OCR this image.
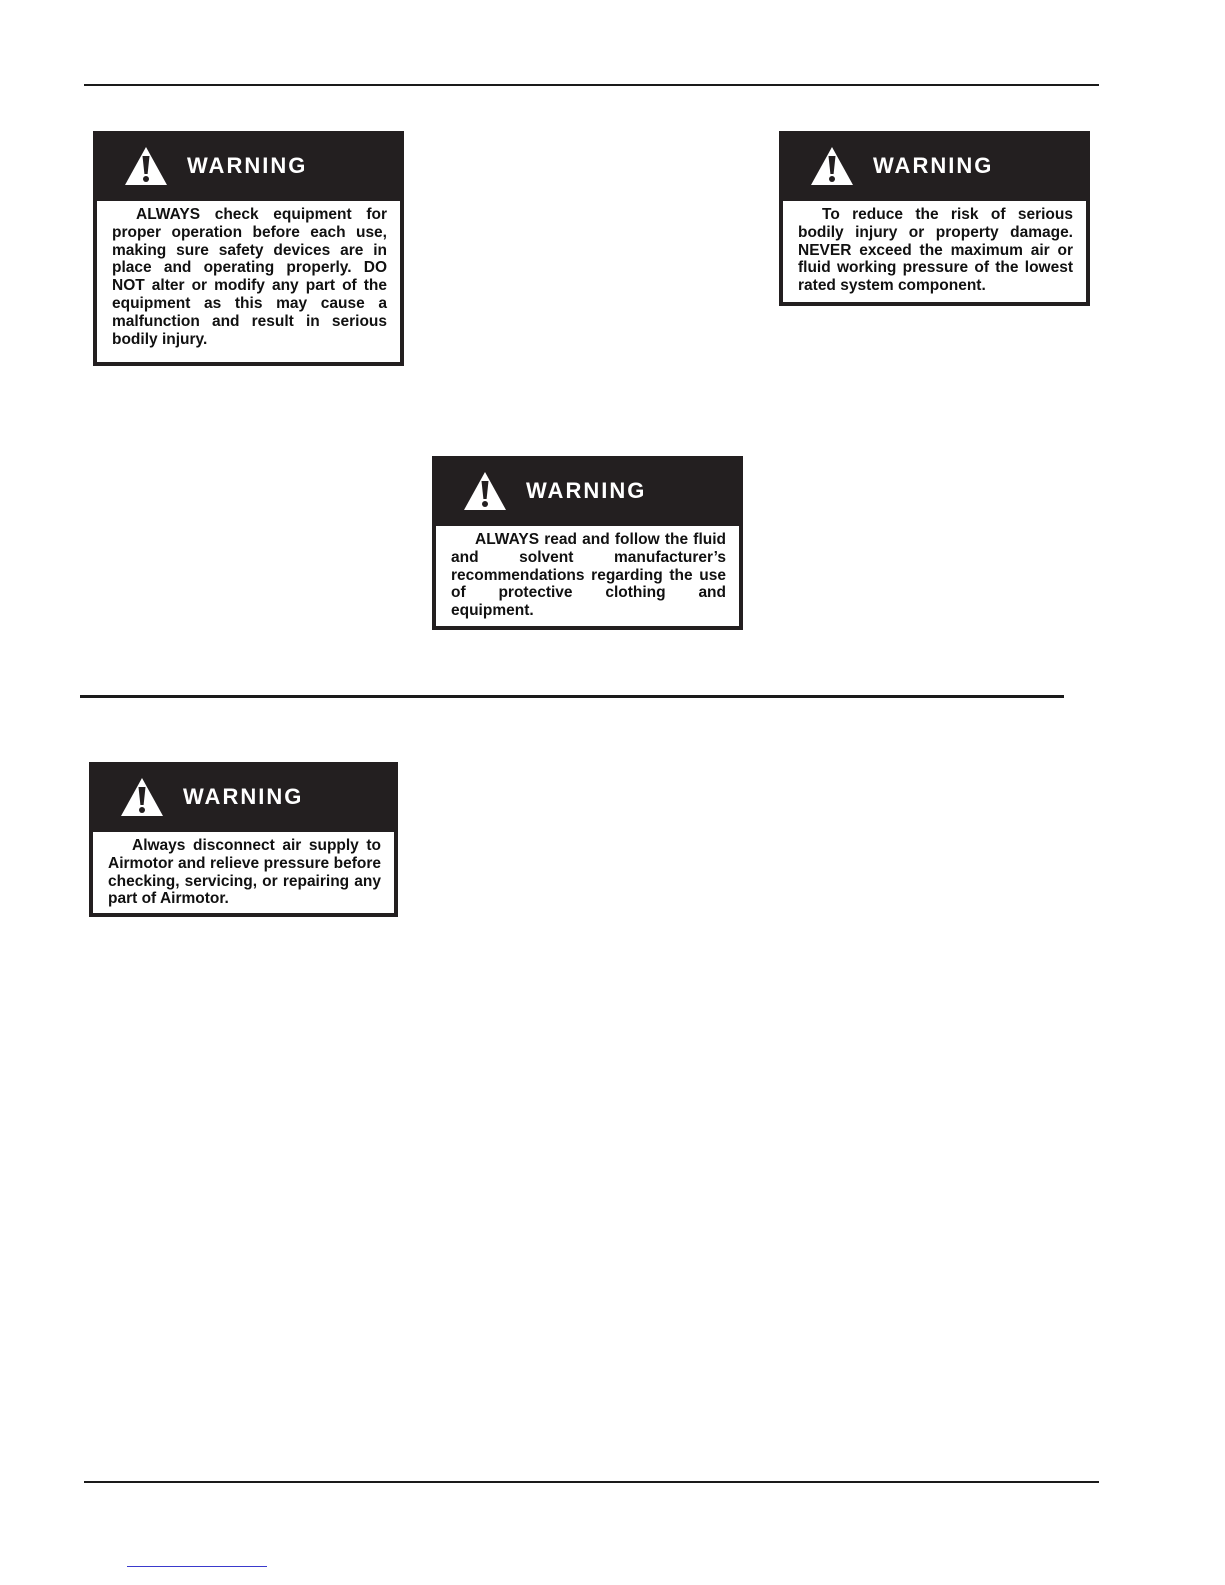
WARNING
ALWAYS check equipment for proper operation before each use, making sure safety devices are in place and operating properly. DO NOT alter or modify any part of the equipment as this may cause a malfunction and result in serious bodily injury.
WARNING
To reduce the risk of serious bodily injury or property damage. NEVER exceed the maximum air or fluid working pressure of the lowest rated system component.
WARNING
ALWAYS read and follow the fluid and solvent manufacturer’s recommendations regarding the use of protective clothing and equipment.
WARNING
Always disconnect air supply to Airmotor and relieve pressure before checking, servicing, or repairing any part of Airmotor.
